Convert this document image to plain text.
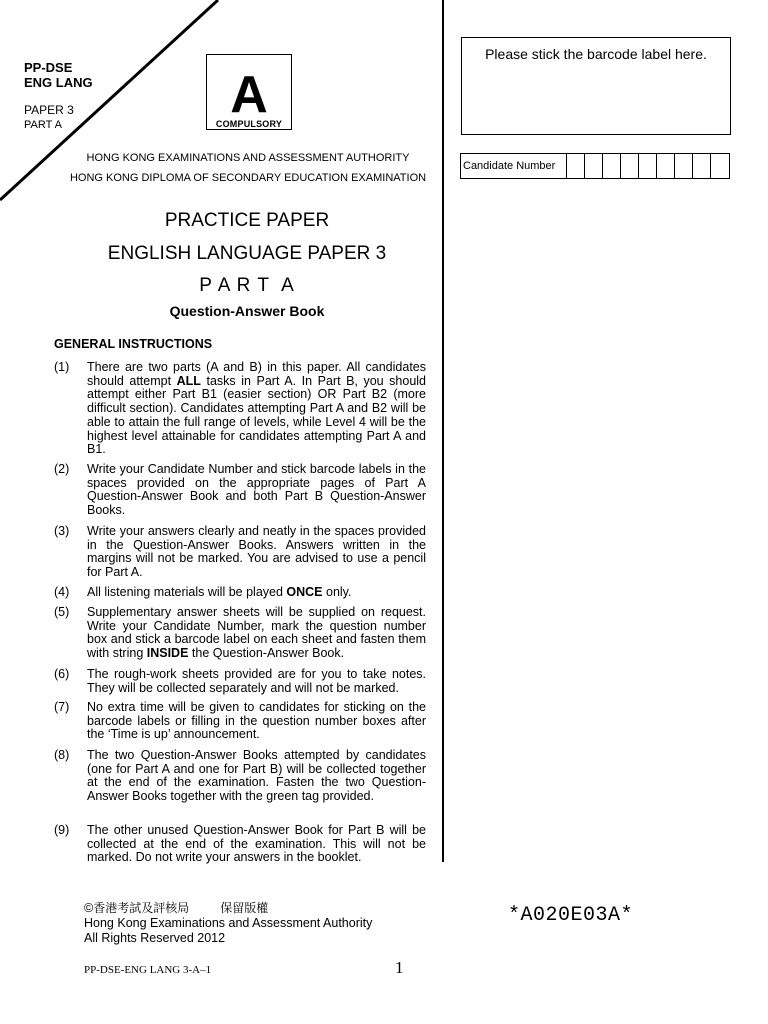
PP-DSE
ENG LANG
PAPER 3
PART A
A
COMPULSORY
HONG KONG EXAMINATIONS AND ASSESSMENT AUTHORITY
HONG KONG DIPLOMA OF SECONDARY EDUCATION EXAMINATION
Please stick the barcode label here.
Candidate Number
PRACTICE PAPER
ENGLISH LANGUAGE PAPER 3
P A R T  A
Question-Answer Book
GENERAL INSTRUCTIONS
(1)	There are two parts (A and B) in this paper. All candidates should attempt ALL tasks in Part A. In Part B, you should attempt either Part B1 (easier section) OR Part B2 (more difficult section). Candidates attempting Part A and B2 will be able to attain the full range of levels, while Level 4 will be the highest level attainable for candidates attempting Part A and B1.
(2)	Write your Candidate Number and stick barcode labels in the spaces provided on the appropriate pages of Part A Question-Answer Book and both Part B Question-Answer Books.
(3)	Write your answers clearly and neatly in the spaces provided in the Question-Answer Books. Answers written in the margins will not be marked. You are advised to use a pencil for Part A.
(4)	All listening materials will be played ONCE only.
(5)	Supplementary answer sheets will be supplied on request. Write your Candidate Number, mark the question number box and stick a barcode label on each sheet and fasten them with string INSIDE the Question-Answer Book.
(6)	The rough-work sheets provided are for you to take notes. They will be collected separately and will not be marked.
(7)	No extra time will be given to candidates for sticking on the barcode labels or filling in the question number boxes after the ‘Time is up’ announcement.
(8)	The two Question-Answer Books attempted by candidates (one for Part A and one for Part B) will be collected together at the end of the examination. Fasten the two Question-Answer Books together with the green tag provided.
(9)	The other unused Question-Answer Book for Part B will be collected at the end of the examination. This will not be marked. Do not write your answers in the booklet.
©香港考試及評核局	保留版權
Hong Kong Examinations and Assessment Authority
All Rights Reserved 2012
*A020E03A*
PP-DSE-ENG LANG 3-A–1	1
